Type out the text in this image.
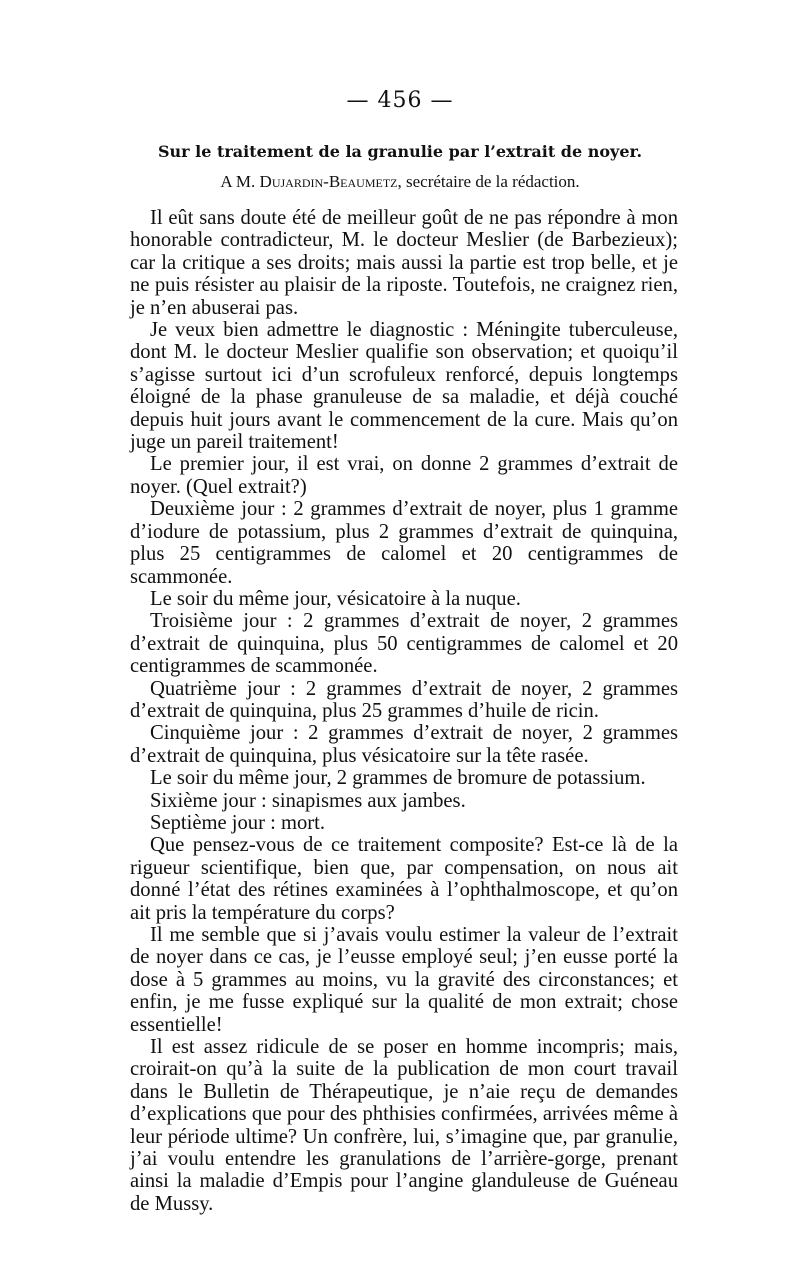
— 456 —
Sur le traitement de la granulie par l’extrait de noyer.
A M. Dujardin-Beaumetz, secrétaire de la rédaction.

Il eût sans doute été de meilleur goût de ne pas répondre à mon honorable contradicteur, M. le docteur Meslier (de Barbezieux); car la critique a ses droits; mais aussi la partie est trop belle, et je ne puis résister au plaisir de la riposte. Toutefois, ne craignez rien, je n’en abuserai pas.

Je veux bien admettre le diagnostic : Méningite tuberculeuse, dont M. le docteur Meslier qualifie son observation; et quoiqu’il s’agisse surtout ici d’un scrofuleux renforcé, depuis longtemps éloigné de la phase granuleuse de sa maladie, et déjà couché depuis huit jours avant le commencement de la cure. Mais qu’on juge un pareil traitement!

Le premier jour, il est vrai, on donne 2 grammes d’extrait de noyer. (Quel extrait?)

Deuxième jour : 2 grammes d’extrait de noyer, plus 1 gramme d’iodure de potassium, plus 2 grammes d’extrait de quinquina, plus 25 centigrammes de calomel et 20 centigrammes de scammonée.

Le soir du même jour, vésicatoire à la nuque.

Troisième jour : 2 grammes d’extrait de noyer, 2 grammes d’extrait de quinquina, plus 50 centigrammes de calomel et 20 centigrammes de scammonée.

Quatrième jour : 2 grammes d’extrait de noyer, 2 grammes d’extrait de quinquina, plus 25 grammes d’huile de ricin.

Cinquième jour : 2 grammes d’extrait de noyer, 2 grammes d’extrait de quinquina, plus vésicatoire sur la tête rasée.

Le soir du même jour, 2 grammes de bromure de potassium.

Sixième jour : sinapismes aux jambes.

Septième jour : mort.

Que pensez-vous de ce traitement composite? Est-ce là de la rigueur scientifique, bien que, par compensation, on nous ait donné l’état des rétines examinées à l’ophthalmoscope, et qu’on ait pris la température du corps?

Il me semble que si j’avais voulu estimer la valeur de l’extrait de noyer dans ce cas, je l’eusse employé seul; j’en eusse porté la dose à 5 grammes au moins, vu la gravité des circonstances; et enfin, je me fusse expliqué sur la qualité de mon extrait; chose essentielle!

Il est assez ridicule de se poser en homme incompris; mais, croirait-on qu’à la suite de la publication de mon court travail dans le Bulletin de Thérapeutique, je n’aie reçu de demandes d’explications que pour des phthisies confirmées, arrivées même à leur période ultime? Un confrère, lui, s’imagine que, par granulie, j’ai voulu entendre les granulations de l’arrière-gorge, prenant ainsi la maladie d’Empis pour l’angine glanduleuse de Guéneau de Mussy.
